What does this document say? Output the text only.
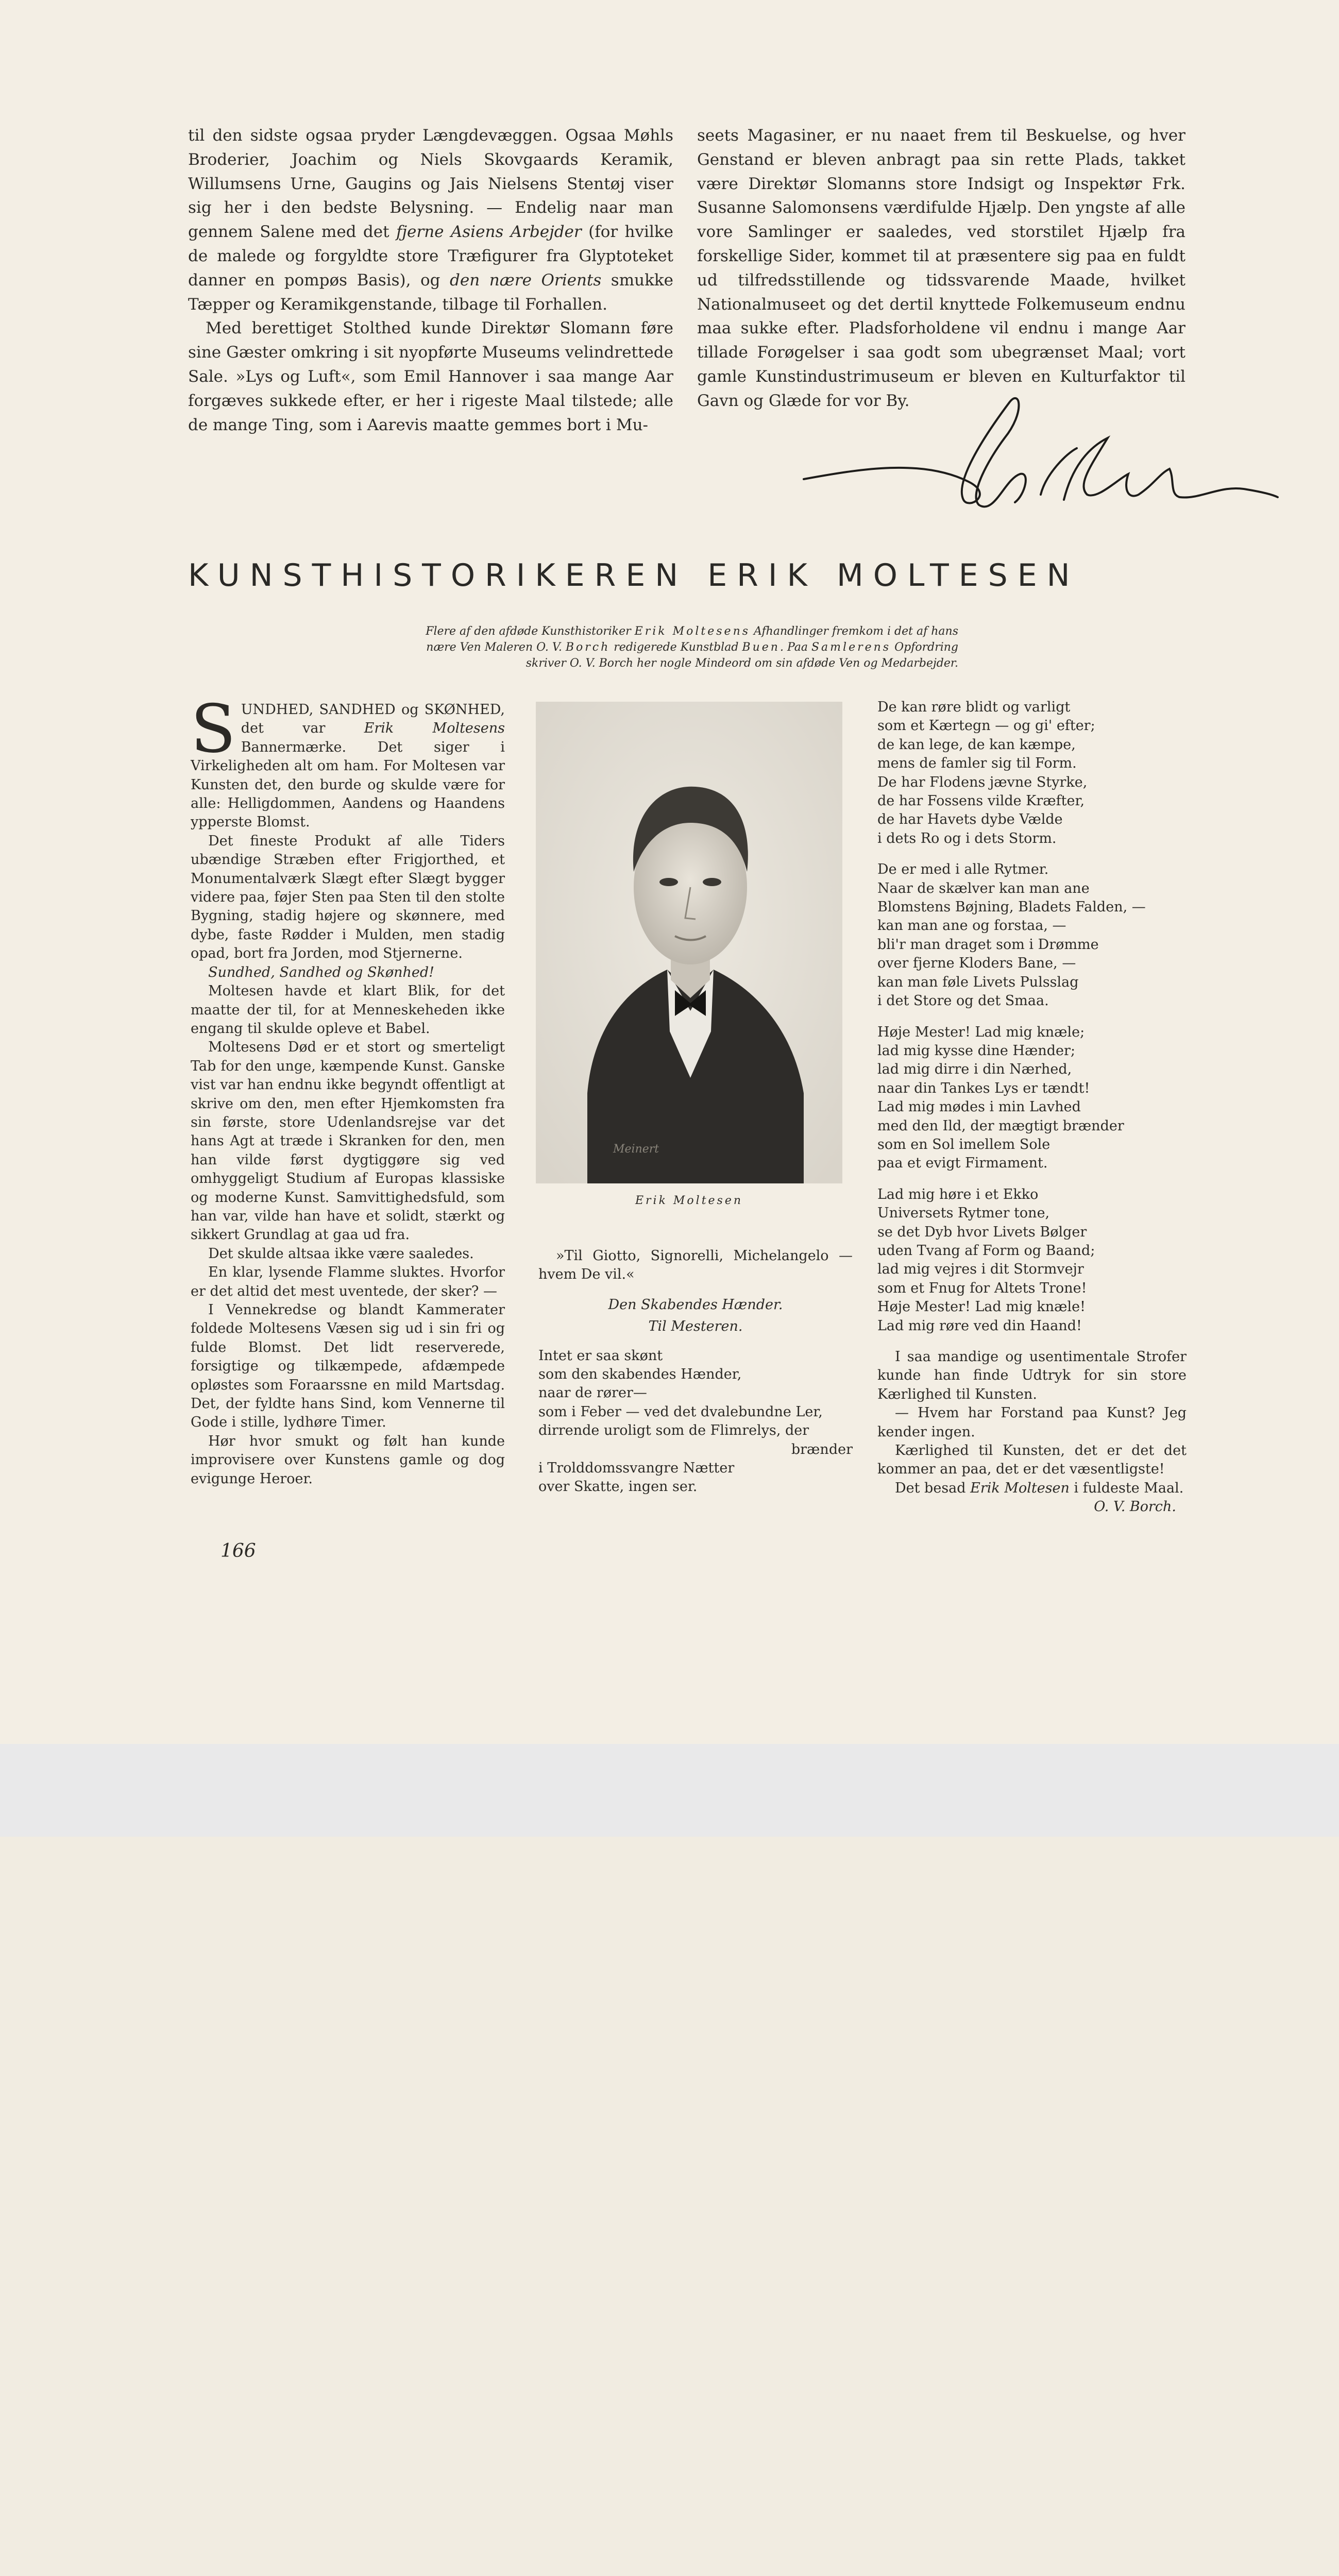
til den sidste ogsaa pryder Længdevæggen. Ogsaa Møhls Broderier, Joachim og Niels Skovgaards Keramik, Willumsens Urne, Gaugins og Jais Nielsens Stentøj viser sig her i den bedste Belysning. — Endelig naar man gennem Salene med det fjerne Asiens Arbejder (for hvilke de malede og forgyldte store Træfigurer fra Glyptoteket danner en pompøs Basis), og den nære Orients smukke Tæpper og Keramikgenstande, tilbage til Forhallen.

Med berettiget Stolthed kunde Direktør Slomann føre sine Gæster omkring i sit nyopførte Museums velindrettede Sale. »Lys og Luft«, som Emil Hannover i saa mange Aar forgæves sukkede efter, er her i rigeste Maal tilstede; alle de mange Ting, som i Aarevis maatte gemmes bort i Mu-

seets Magasiner, er nu naaet frem til Beskuelse, og hver Genstand er bleven anbragt paa sin rette Plads, takket være Direktør Slomanns store Indsigt og Inspektør Frk. Susanne Salomonsens værdifulde Hjælp. Den yngste af alle vore Samlinger er saaledes, ved storstilet Hjælp fra forskellige Sider, kommet til at præsentere sig paa en fuldt ud tilfredsstillende og tidssvarende Maade, hvilket Nationalmuseet og det dertil knyttede Folkemuseum endnu maa sukke efter. Pladsforholdene vil endnu i mange Aar tillade Forøgelser i saa godt som ubegrænset Maal; vort gamle Kunstindustrimuseum er bleven en Kulturfaktor til Gavn og Glæde for vor By.

KUNSTHISTORIKEREN ERIK MOLTESEN
Flere af den afdøde Kunsthistoriker Erik Moltesens Afhandlinger fremkom i det af hans nære Ven Maleren O. V. Borch redigerede Kunstblad Buen. Paa Samlerens Opfordring skriver O. V. Borch her nogle Mindeord om sin afdøde Ven og Medarbejder.

SUNDHED, SANDHED og SKØNHED, det var Erik Moltesens Bannermærke. Det siger i Virkeligheden alt om ham. For Moltesen var Kunsten det, den burde og skulde være for alle: Helligdommen, Aandens og Haandens ypperste Blomst.

Det fineste Produkt af alle Tiders ubændige Stræben efter Frigjorthed, et Monumentalværk Slægt efter Slægt bygger videre paa, føjer Sten paa Sten til den stolte Bygning, stadig højere og skønnere, med dybe, faste Rødder i Mulden, men stadig opad, bort fra Jorden, mod Stjernerne.

Sundhed, Sandhed og Skønhed!

Moltesen havde et klart Blik, for det maatte der til, for at Menneskeheden ikke engang til skulde opleve et Babel.

Moltesens Død er et stort og smerteligt Tab for den unge, kæmpende Kunst. Ganske vist var han endnu ikke begyndt offentligt at skrive om den, men efter Hjemkomsten fra sin første, store Udenlandsrejse var det hans Agt at træde i Skranken for den, men han vilde først dygtiggøre sig ved omhyggeligt Studium af Europas klassiske og moderne Kunst. Samvittighedsfuld, som han var, vilde han have et solidt, stærkt og sikkert Grundlag at gaa ud fra.

Det skulde altsaa ikke være saaledes.

En klar, lysende Flamme sluktes. Hvorfor er det altid det mest uventede, der sker? —

I Vennekredse og blandt Kammerater foldede Moltesens Væsen sig ud i sin fri og fulde Blomst. Det lidt reserverede, forsigtige og tilkæmpede, afdæmpede opløstes som Foraarssne en mild Martsdag. Det, der fyldte hans Sind, kom Vennerne til Gode i stille, lydhøre Timer.

Hør hvor smukt og følt han kunde improvisere over Kunstens gamle og dog evigunge Heroer.

Meinert
Erik Moltesen

»Til Giotto, Signorelli, Michelangelo — hvem De vil.«

Den Skabendes Hænder.

Til Mesteren.

Intet er saa skønt
som den skabendes Hænder,
naar de rører—
som i Feber — ved det dvalebundne Ler,
dirrende uroligt som de Flimrelys, der
brænder
i Trolddomssvangre Nætter
over Skatte, ingen ser.
De kan røre blidt og varligt
som et Kærtegn — og gi' efter;
de kan lege, de kan kæmpe,
mens de famler sig til Form.
De har Flodens jævne Styrke,
de har Fossens vilde Kræfter,
de har Havets dybe Vælde
i dets Ro og i dets Storm.
De er med i alle Rytmer.
Naar de skælver kan man ane
Blomstens Bøjning, Bladets Falden, —
kan man ane og forstaa, —
bli'r man draget som i Drømme
over fjerne Kloders Bane, —
kan man føle Livets Pulsslag
i det Store og det Smaa.
Høje Mester! Lad mig knæle;
lad mig kysse dine Hænder;
lad mig dirre i din Nærhed,
naar din Tankes Lys er tændt!
Lad mig mødes i min Lavhed
med den Ild, der mægtigt brænder
som en Sol imellem Sole
paa et evigt Firmament.
Lad mig høre i et Ekko
Universets Rytmer tone,
se det Dyb hvor Livets Bølger
uden Tvang af Form og Baand;
lad mig vejres i dit Stormvejr
som et Fnug for Altets Trone!
Høje Mester! Lad mig knæle!
Lad mig røre ved din Haand!

I saa mandige og usentimentale Strofer kunde han finde Udtryk for sin store Kærlighed til Kunsten.

— Hvem har Forstand paa Kunst? Jeg kender ingen.

Kærlighed til Kunsten, det er det det kommer an paa, det er det væsentligste!

Det besad Erik Moltesen i fuldeste Maal.

O. V. Borch.

166
